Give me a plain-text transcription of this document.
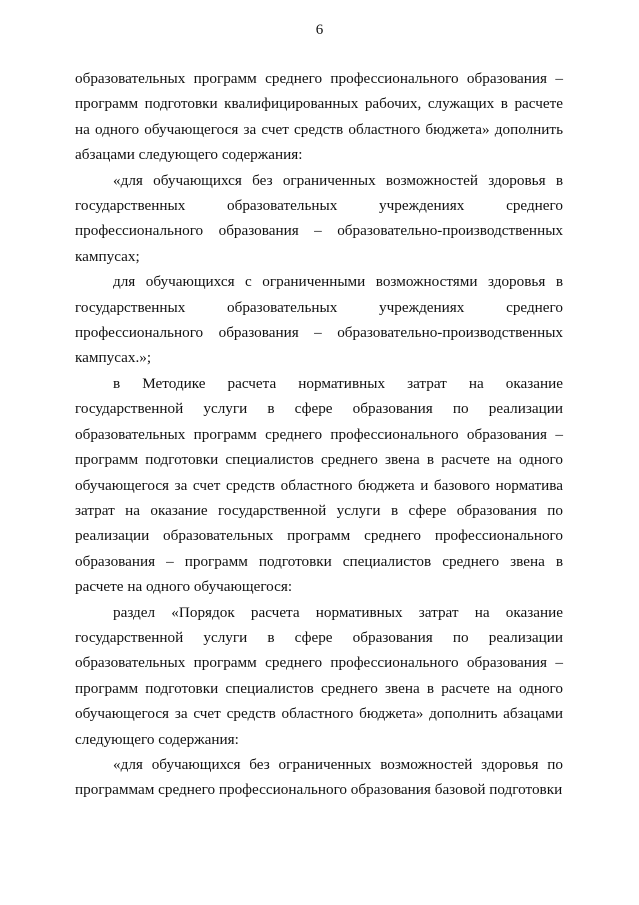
6

образовательных программ среднего профессионального образования – программ подготовки квалифицированных рабочих, служащих в расчете на одного обучающегося за счет средств областного бюджета» дополнить абзацами следующего содержания:

«для обучающихся без ограниченных возможностей здоровья в государственных образовательных учреждениях среднего профессионального образования – образовательно-производственных кампусах;

для обучающихся с ограниченными возможностями здоровья в государственных образовательных учреждениях среднего профессионального образования – образовательно-производственных кампусах.»;

в Методике расчета нормативных затрат на оказание государственной услуги в сфере образования по реализации образовательных программ среднего профессионального образования – программ подготовки специалистов среднего звена в расчете на одного обучающегося за счет средств областного бюджета и базового норматива затрат на оказание государственной услуги в сфере образования по реализации образовательных программ среднего профессионального образования – программ подготовки специалистов среднего звена в расчете на одного обучающегося:

раздел «Порядок расчета нормативных затрат на оказание государственной услуги в сфере образования по реализации образовательных программ среднего профессионального образования – программ подготовки специалистов среднего звена в расчете на одного обучающегося за счет средств областного бюджета» дополнить абзацами следующего содержания:

«для обучающихся без ограниченных возможностей здоровья по программам среднего профессионального образования базовой подготовки
